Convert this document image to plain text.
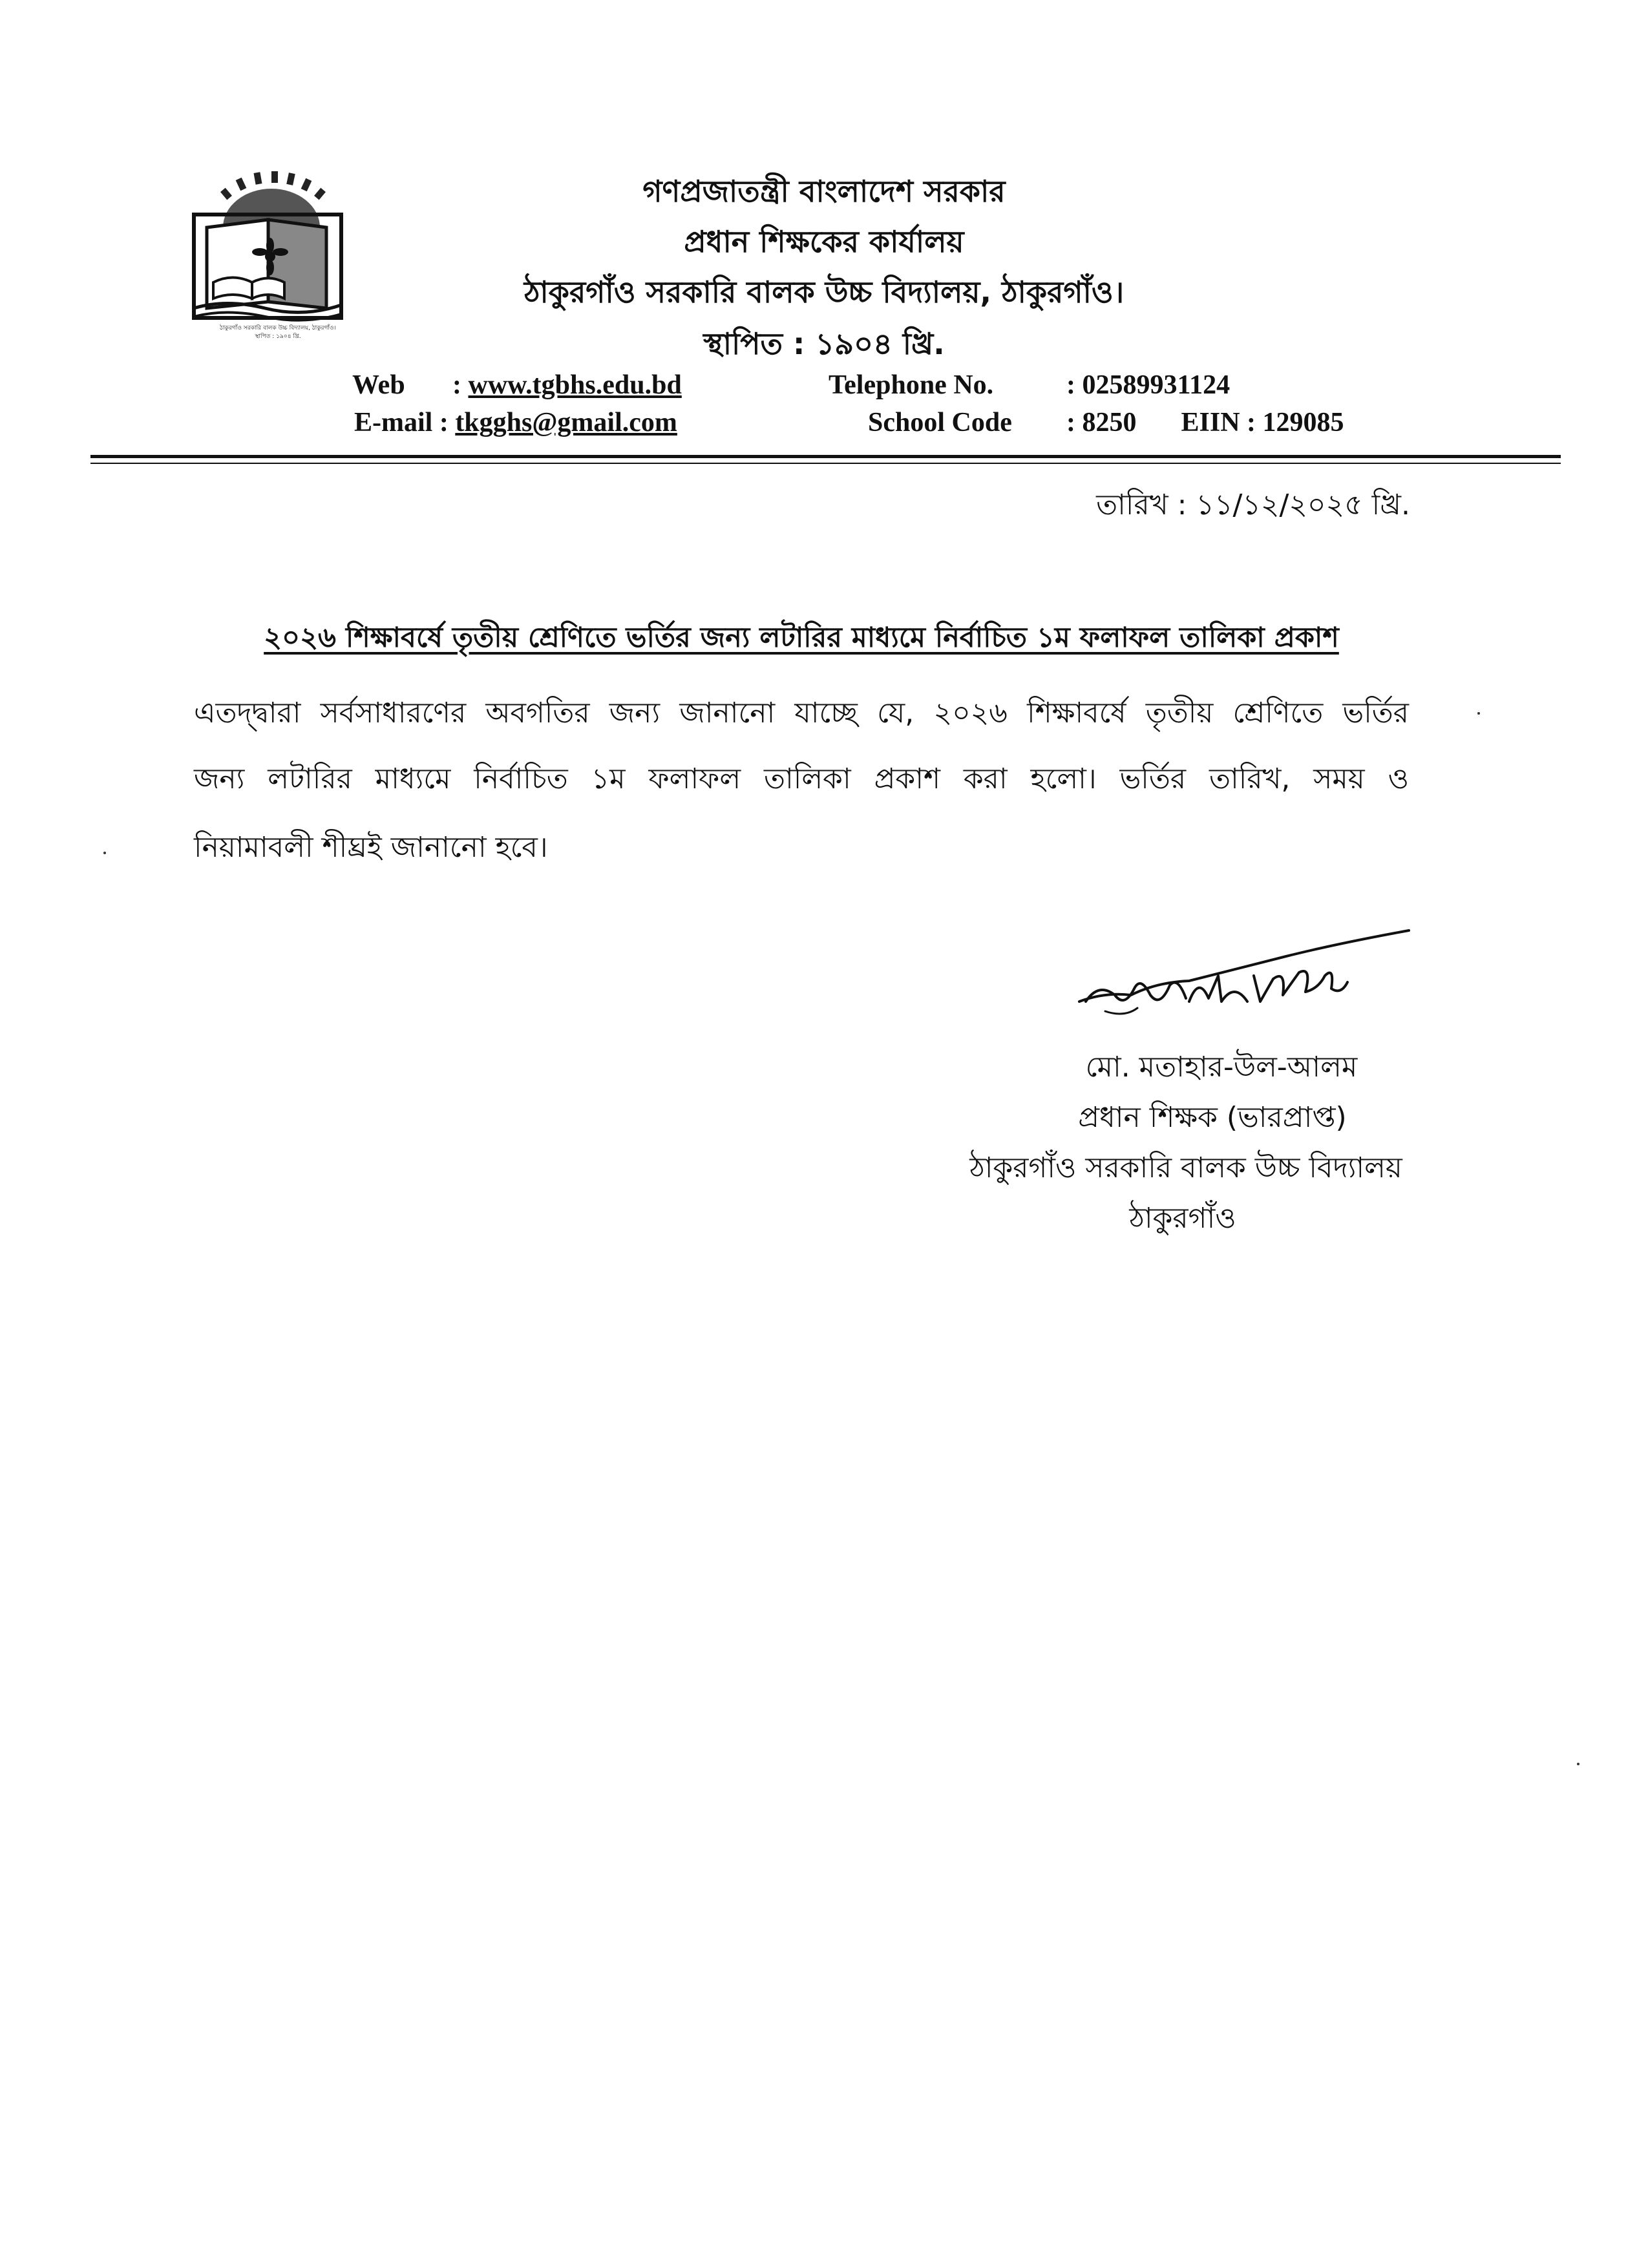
ঠাকুরগাঁও সরকারি বালক উচ্চ বিদ্যালয়, ঠাকুরগাঁও।
স্থাপিত : ১৯০৪ খ্রি.
গণপ্রজাতন্ত্রী বাংলাদেশ সরকার
প্রধান শিক্ষকের কার্যালয়
ঠাকুরগাঁও সরকারি বালক উচ্চ বিদ্যালয়, ঠাকুরগাঁও।
স্থাপিত : ১৯০৪ খ্রি.
Web : www.tgbhs.edu.bd
E-mail : tkgghs@gmail.com
Telephone No.	: 02589931124
School Code : 8250 EIIN : 129085
তারিখ : ১১/১২/২০২৫ খ্রি.
২০২৬ শিক্ষাবর্ষে তৃতীয় শ্রেণিতে ভর্তির জন্য লটারির মাধ্যমে নির্বাচিত ১ম ফলাফল তালিকা প্রকাশ
এতদ্দ্বারা সর্বসাধারণের অবগতির জন্য জানানো যাচ্ছে যে, ২০২৬ শিক্ষাবর্ষে তৃতীয় শ্রেণিতে ভর্তির
জন্য লটারির মাধ্যমে নির্বাচিত ১ম ফলাফল তালিকা প্রকাশ করা হলো। ভর্তির তারিখ, সময় ও
নিয়ামাবলী শীঘ্রই জানানো হবে।
মো. মতাহার-উল-আলম
প্রধান শিক্ষক (ভারপ্রাপ্ত)
ঠাকুরগাঁও সরকারি বালক উচ্চ বিদ্যালয়
ঠাকুরগাঁও
